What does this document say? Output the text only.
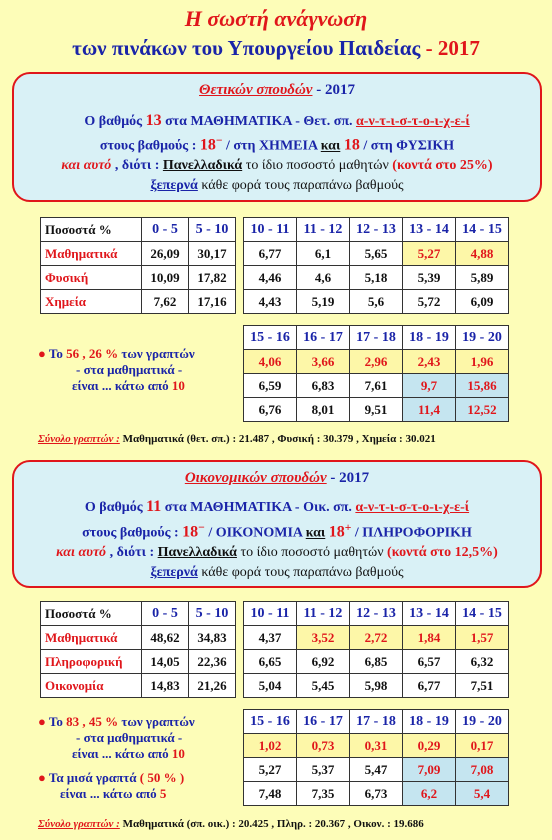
Η σωστή ανάγνωση
των πινάκων του Υπουργείου Παιδείας - 2017
Θετικών σπουδών - 2017
Ο βαθμός 13 στα ΜΑΘΗΜΑΤΙΚΑ - Θετ. σπ. α-ν-τ-ι-σ-τ-ο-ι-χ-ε-ί
στους βαθμούς : 18− / στη ΧΗΜΕΙΑ και 18 / στη ΦΥΣΙΚΗ
και αυτό , διότι : Πανελλαδικά το ίδιο ποσοστό μαθητών (κοντά στο 25%)
ξεπερνά κάθε φορά τους παραπάνω βαθμούς
Ποσοστά %	0 - 5	5 - 10
Μαθηματικά	26,09	30,17
Φυσική	10,09	17,82
Χημεία	7,62	17,16
10 - 11	11 - 12	12 - 13	13 - 14	14 - 15
6,77	6,1	5,65	5,27	4,88
4,46	4,6	5,18	5,39	5,89
4,43	5,19	5,6	5,72	6,09
15 - 16	16 - 17	17 - 18	18 - 19	19 - 20
4,06	3,66	2,96	2,43	1,96
6,59	6,83	7,61	9,7	15,86
6,76	8,01	9,51	11,4	12,52
● Το 56 , 26 % των γραπτών
- στα μαθηματικά -
είναι ... κάτω από 10
Σύνολο γραπτών : Μαθηματικά (θετ. σπ.) : 21.487 , Φυσική : 30.379 , Χημεία : 30.021
Οικονομικών σπουδών - 2017
Ο βαθμός 11 στα ΜΑΘΗΜΑΤΙΚΑ - Οικ. σπ. α-ν-τ-ι-σ-τ-ο-ι-χ-ε-ί
στους βαθμούς : 18− / ΟΙΚΟΝΟΜΙΑ και 18+ / ΠΛΗΡΟΦΟΡΙΚΗ
και αυτό , διότι : Πανελλαδικά το ίδιο ποσοστό μαθητών (κοντά στο 12,5%)
ξεπερνά κάθε φορά τους παραπάνω βαθμούς
Ποσοστά %	0 - 5	5 - 10
Μαθηματικά	48,62	34,83
Πληροφορική	14,05	22,36
Οικονομία	14,83	21,26
10 - 11	11 - 12	12 - 13	13 - 14	14 - 15
4,37	3,52	2,72	1,84	1,57
6,65	6,92	6,85	6,57	6,32
5,04	5,45	5,98	6,77	7,51
15 - 16	16 - 17	17 - 18	18 - 19	19 - 20
1,02	0,73	0,31	0,29	0,17
5,27	5,37	5,47	7,09	7,08
7,48	7,35	6,73	6,2	5,4
● Το 83 , 45 % των γραπτών
- στα μαθηματικά -
είναι ... κάτω από 10
● Τα μισά γραπτά ( 50 % )
είναι ... κάτω από 5
Σύνολο γραπτών : Μαθηματικά (σπ. οικ.) : 20.425 , Πληρ. : 20.367 , Οικον. : 19.686
